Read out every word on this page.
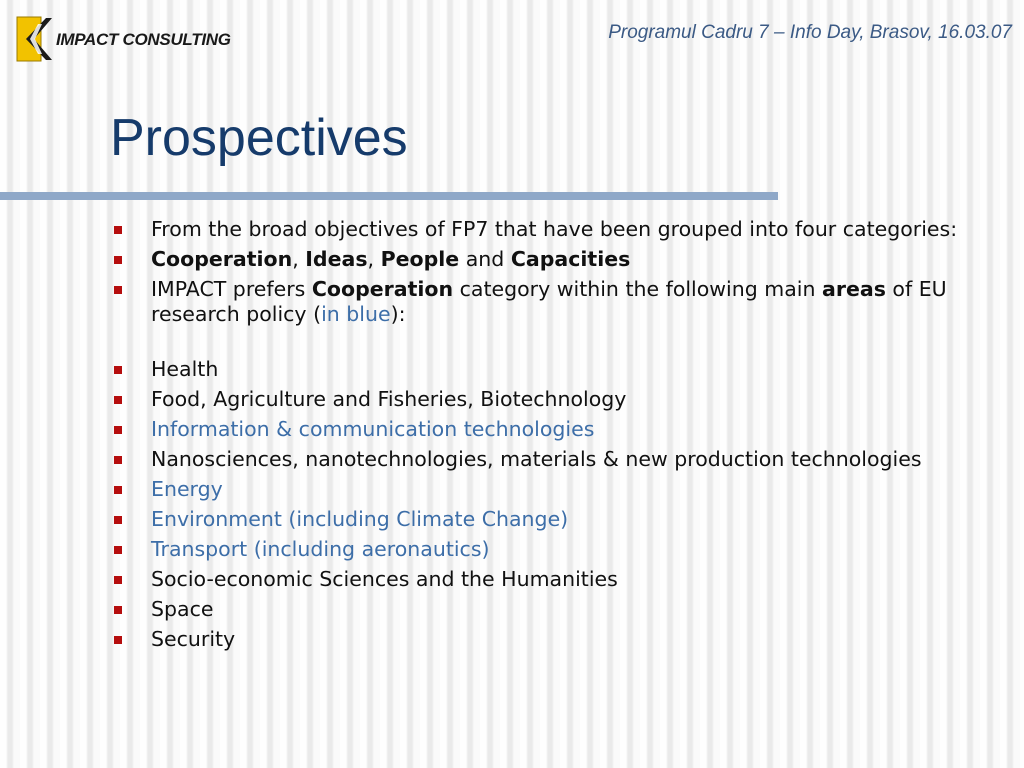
IMPACT CONSULTING	Programul Cadru 7 – Info Day, Brasov, 16.03.07
Prospectives
From the broad objectives of FP7 that have been grouped into four categories:
Cooperation, Ideas, People and Capacities
IMPACT prefers Cooperation category within the following main areas of EU research policy (in blue):
Health
Food, Agriculture and Fisheries, Biotechnology
Information & communication technologies
Nanosciences, nanotechnologies, materials & new production technologies
Energy
Environment (including Climate Change)
Transport (including aeronautics)
Socio-economic Sciences and the Humanities
Space
Security
